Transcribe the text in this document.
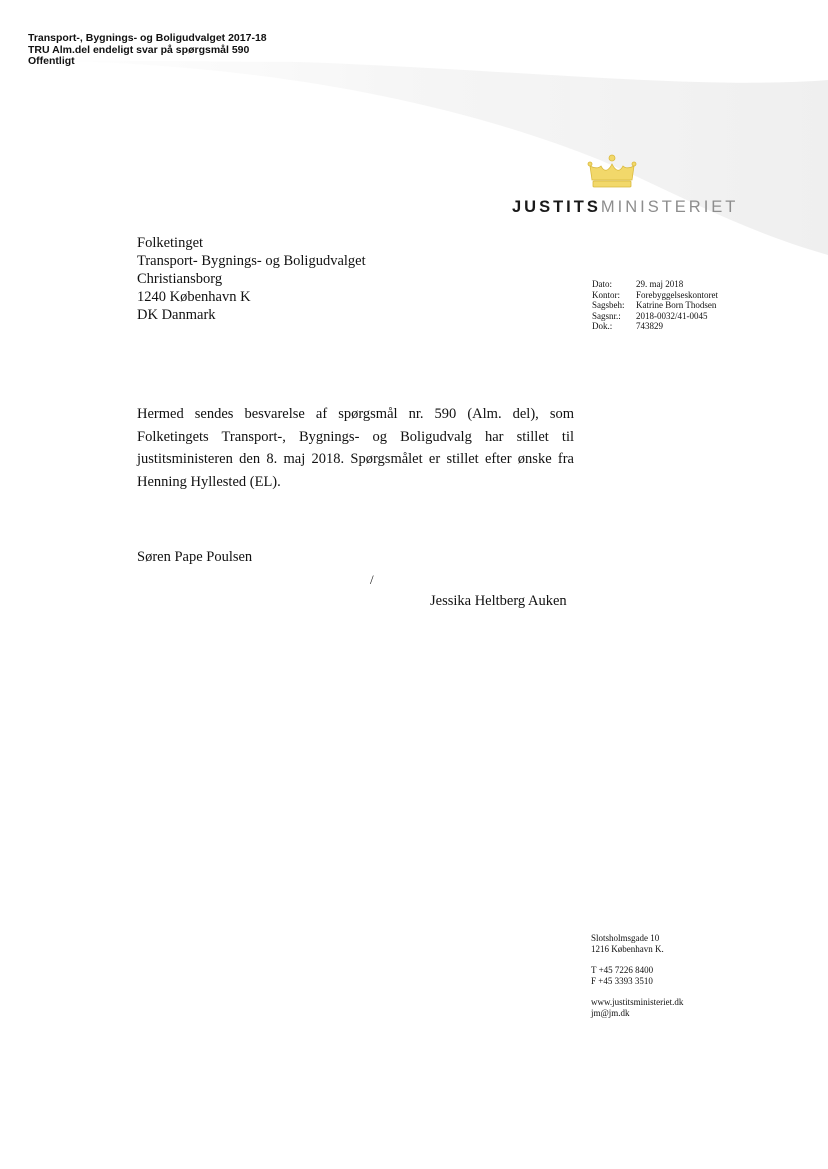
Transport-, Bygnings- og Boligudvalget 2017-18
TRU Alm.del endeligt svar på spørgsmål 590
Offentligt
JUSTITSMINISTERIET
Folketinget
Transport- Bygnings- og Boligudvalget
Christiansborg
1240 København K
DK Danmark
Dato:	29. maj 2018
Kontor:	Forebyggelseskontoret
Sagsbeh:	Katrine Born Thodsen
Sagsnr.:	2018-0032/41-0045
Dok.:	743829
Hermed sendes besvarelse af spørgsmål nr. 590 (Alm. del), som Folketingets Transport-, Bygnings- og Boligudvalg har stillet til justitsministeren den 8. maj 2018. Spørgsmålet er stillet efter ønske fra Henning Hyllested (EL).
Søren Pape Poulsen
/
Jessika Heltberg Auken
Slotsholmsgade 10
1216 København K.
T +45 7226 8400
F +45 3393 3510
www.justitsministeriet.dk
jm@jm.dk
